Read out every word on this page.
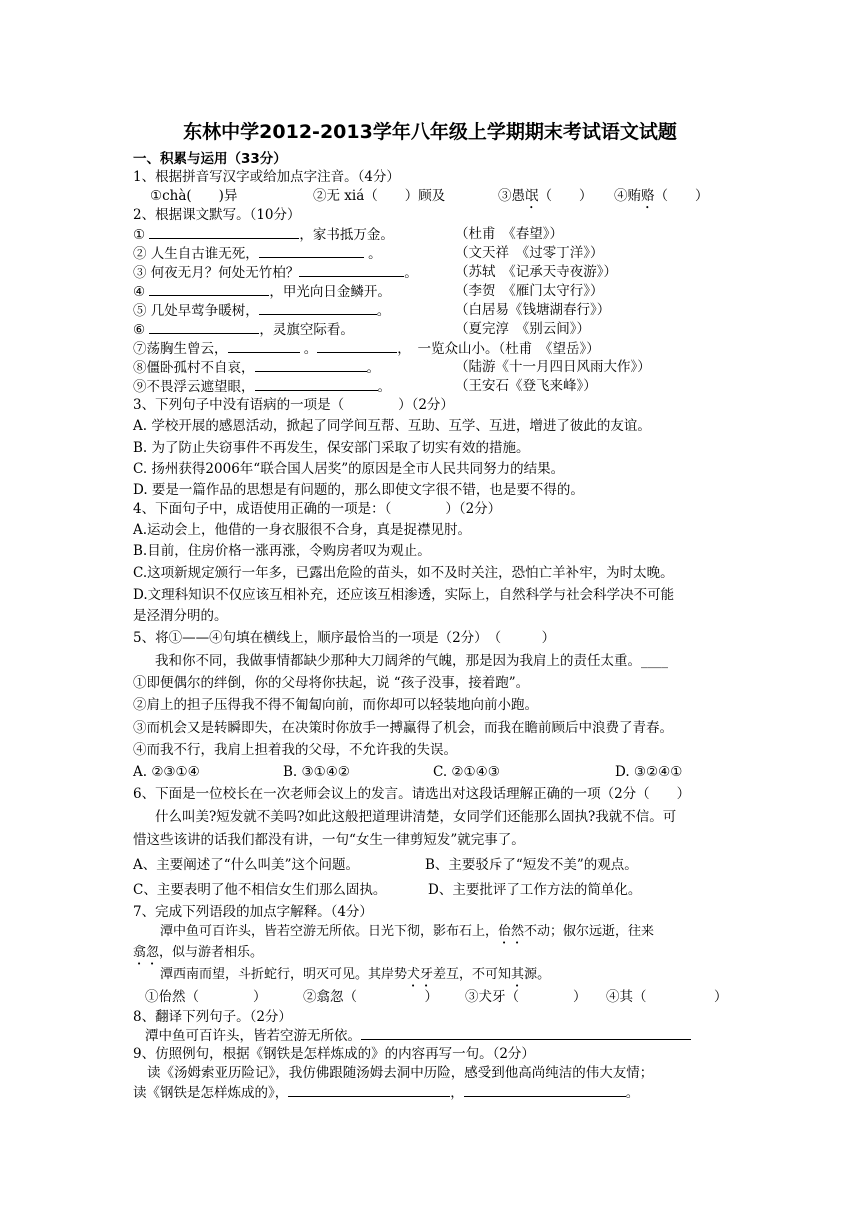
东林中学2012-2013学年八年级上学期期末考试语文试题
一、积累与运用（33分）
1、根据拼音写汉字或给加点字注音。（4分）
①chà(　　)异	②无 xiá（　　）顾及	③愚氓（　　） ④贿赂（　　）
2、根据课文默写。（10分）
①	，家书抵万金。	（杜甫　《春望》）
② 人生自古谁无死，	。	（文天祥　《过零丁洋》）
③ 何夜无月？何处无竹柏？	。	（苏轼　《记承天寺夜游》）
④	，甲光向日金鳞开。	（李贺　《雁门太守行》）
⑤ 几处早莺争暖树，	。	（白居易《钱塘湖春行》）
⑥	，灵旗空际看。	（夏完淳　《别云间》）
⑦荡胸生曾云，	。	，　一览众山小。（杜甫　《望岳》）
⑧僵卧孤村不自哀，	。	（陆游《十一月四日风雨大作》）
⑨不畏浮云遮望眼，	。	（王安石《登飞来峰》）
3、下列句子中没有语病的一项是（　　　　）（2分）
A. 学校开展的感恩活动，掀起了同学间互帮、互助、互学、互进，增进了彼此的友谊。
B. 为了防止失窃事件不再发生，保安部门采取了切实有效的措施。
C. 扬州获得2006年“联合国人居奖”的原因是全市人民共同努力的结果。
D. 要是一篇作品的思想是有问题的，那么即使文字很不错，也是要不得的。
4、下面句子中，成语使用正确的一项是：（　　　　）（2分）
A.运动会上，他借的一身衣服很不合身，真是捉襟见肘。
B.目前，住房价格一涨再涨，令购房者叹为观止。
C.这项新规定颁行一年多，已露出危险的苗头，如不及时关注，恐怕亡羊补牢，为时太晚。
D.文理科知识不仅应该互相补充，还应该互相渗透，实际上，自然科学与社会科学决不可能
是泾渭分明的。
5、将①——④句填在横线上，顺序最恰当的一项是（2分）　（　　　）
我和你不同，我做事情都缺少那种大刀阔斧的气魄，那是因为我肩上的责任太重。____
①即便偶尔的绊倒，你的父母将你扶起，说 “孩子没事，接着跑”。
②肩上的担子压得我不得不匍匐向前，而你却可以轻装地向前小跑。
③而机会又是转瞬即失，在决策时你放手一搏赢得了机会，而我在瞻前顾后中浪费了青春。
④而我不行，我肩上担着我的父母，不允许我的失误。
A. ②③①④	B. ③①④②	C. ②①④③	D. ③②④①
6、下面是一位校长在一次老师会议上的发言。请选出对这段话理解正确的一项（2分（　　）
什么叫美?短发就不美吗?如此这般把道理讲清楚，女同学们还能那么固执?我就不信。可
惜这些该讲的话我们都没有讲，一句“女生一律剪短发”就完事了。
A、主要阐述了“什么叫美”这个问题。	B、主要驳斥了“短发不美”的观点。
C、主要表明了他不相信女生们那么固执。	D、主要批评了工作方法的简单化。
7、完成下列语段的加点字解释。（4分）
潭中鱼可百许头，皆若空游无所依。日光下彻，影布石上，佁然不动；俶尔远逝，往来
翕忽，似与游者相乐。
潭西南而望，斗折蛇行，明灭可见。其岸势犬牙差互，不可知其源。
①佁然（　　　　）	②翕忽（　　　　　） ③犬牙（　　　　） ④其（　　　　　）
8、翻译下列句子。（2分）
潭中鱼可百许头，皆若空游无所依。
9、仿照例句，根据《钢铁是怎样炼成的》的内容再写一句。（2分）
读《汤姆索亚历险记》，我仿佛跟随汤姆去洞中历险，感受到他高尚纯洁的伟大友情；
读《钢铁是怎样炼成的》，	，	。
